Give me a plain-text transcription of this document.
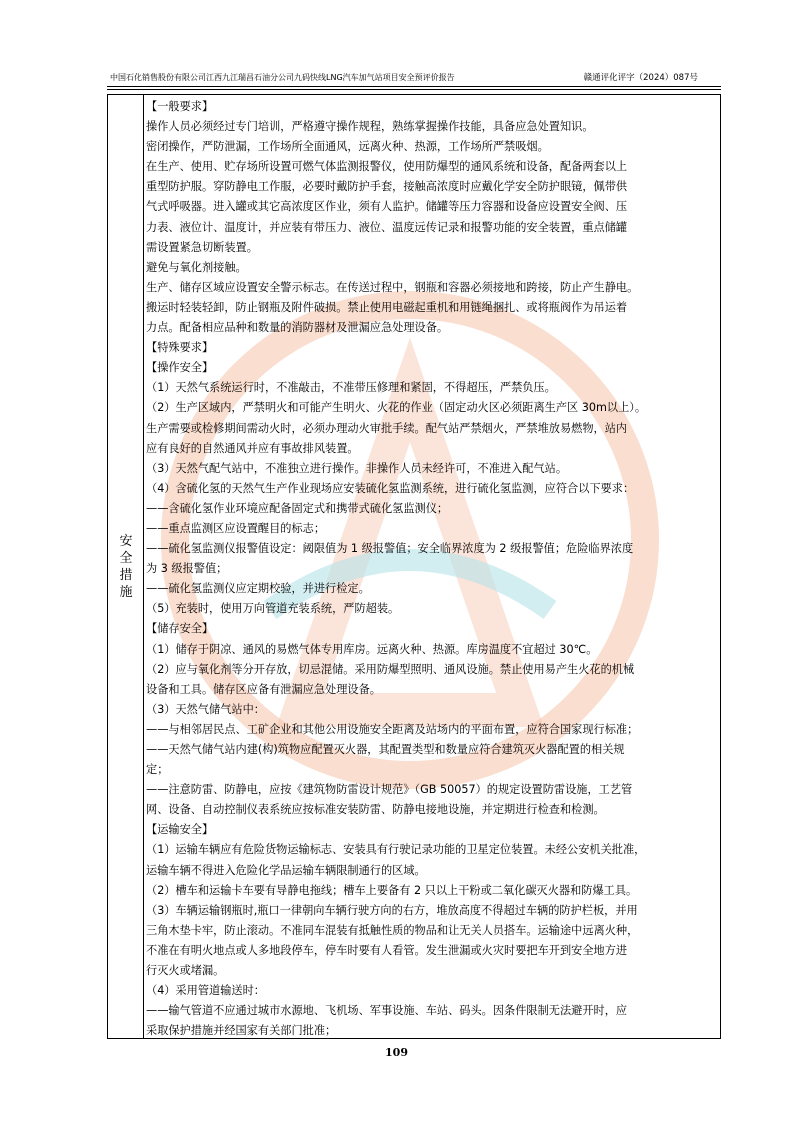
中国石化销售股份有限公司江西九江瑞昌石油分公司九码快线LNG汽车加气站项目安全预评价报告	赣通评化评字（2024）087号
安
全
措
施
【一般要求】
操作人员必须经过专门培训，严格遵守操作规程，熟练掌握操作技能，具备应急处置知识。
密闭操作，严防泄漏，工作场所全面通风，远离火种、热源，工作场所严禁吸烟。
在生产、使用、贮存场所设置可燃气体监测报警仪，使用防爆型的通风系统和设备，配备两套以上
重型防护服。穿防静电工作服，必要时戴防护手套，接触高浓度时应戴化学安全防护眼镜，佩带供
气式呼吸器。进入罐或其它高浓度区作业，须有人监护。储罐等压力容器和设备应设置安全阀、压
力表、液位计、温度计，并应装有带压力、液位、温度远传记录和报警功能的安全装置，重点储罐
需设置紧急切断装置。
避免与氧化剂接触。
生产、储存区域应设置安全警示标志。在传送过程中，钢瓶和容器必须接地和跨接，防止产生静电。
搬运时轻装轻卸，防止钢瓶及附件破损。禁止使用电磁起重机和用链绳捆扎、或将瓶阀作为吊运着
力点。配备相应品种和数量的消防器材及泄漏应急处理设备。
【特殊要求】
【操作安全】
（1）天然气系统运行时，不准敲击，不准带压修理和紧固，不得超压，严禁负压。
（2）生产区域内，严禁明火和可能产生明火、火花的作业（固定动火区必须距离生产区 30m以上）。
生产需要或检修期间需动火时，必须办理动火审批手续。配气站严禁烟火，严禁堆放易燃物，站内
应有良好的自然通风并应有事故排风装置。
（3）天然气配气站中，不准独立进行操作。非操作人员未经许可，不准进入配气站。
（4）含硫化氢的天然气生产作业现场应安装硫化氢监测系统，进行硫化氢监测，应符合以下要求：
——含硫化氢作业环境应配备固定式和携带式硫化氢监测仪；
——重点监测区应设置醒目的标志；
——硫化氢监测仪报警值设定：阈限值为 1 级报警值；安全临界浓度为 2 级报警值；危险临界浓度
为 3 级报警值；
——硫化氢监测仪应定期校验，并进行检定。
（5）充装时，使用万向管道充装系统，严防超装。
【储存安全】
（1）储存于阴凉、通风的易燃气体专用库房。远离火种、热源。库房温度不宜超过 30℃。
（2）应与氧化剂等分开存放，切忌混储。采用防爆型照明、通风设施。禁止使用易产生火花的机械
设备和工具。储存区应备有泄漏应急处理设备。
（3）天然气储气站中：
——与相邻居民点、工矿企业和其他公用设施安全距离及站场内的平面布置，应符合国家现行标准；
——天然气储气站内建(构)筑物应配置灭火器，其配置类型和数量应符合建筑灭火器配置的相关规
定；
——注意防雷、防静电，应按《建筑物防雷设计规范》（GB 50057）的规定设置防雷设施，工艺管
网、设备、自动控制仪表系统应按标准安装防雷、防静电接地设施，并定期进行检查和检测。
【运输安全】
（1）运输车辆应有危险货物运输标志、安装具有行驶记录功能的卫星定位装置。未经公安机关批准，
运输车辆不得进入危险化学品运输车辆限制通行的区域。
（2）槽车和运输卡车要有导静电拖线；槽车上要备有 2 只以上干粉或二氧化碳灭火器和防爆工具。
（3）车辆运输钢瓶时,瓶口一律朝向车辆行驶方向的右方，堆放高度不得超过车辆的防护栏板，并用
三角木垫卡牢，防止滚动。不准同车混装有抵触性质的物品和让无关人员搭车。运输途中远离火种，
不准在有明火地点或人多地段停车，停车时要有人看管。发生泄漏或火灾时要把车开到安全地方进
行灭火或堵漏。
（4）采用管道输送时：
——输气管道不应通过城市水源地、飞机场、军事设施、车站、码头。因条件限制无法避开时，应
采取保护措施并经国家有关部门批准；
109
